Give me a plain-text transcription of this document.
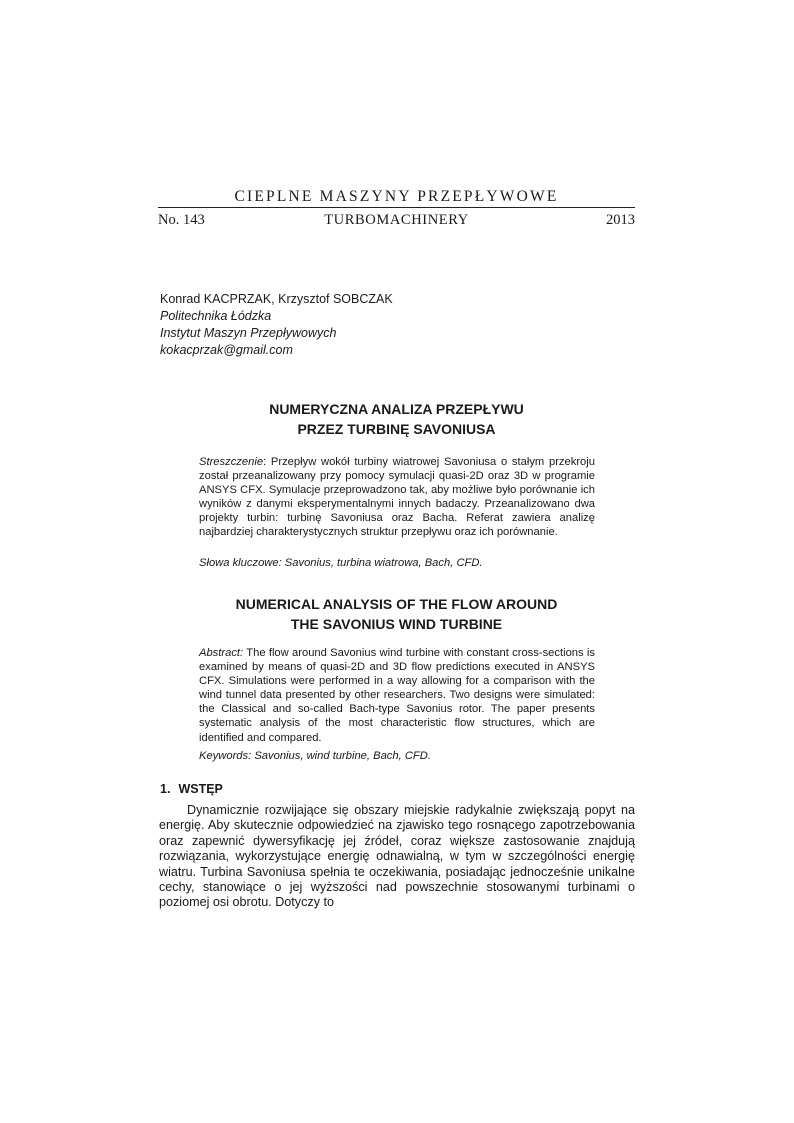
CIEPLNE MASZYNY PRZEPŁYWOWE
No. 143	TURBOMACHINERY	2013
Konrad KACPRZAK, Krzysztof SOBCZAK
Politechnika Łódzka
Instytut Maszyn Przepływowych
kokacprzak@gmail.com
NUMERYCZNA ANALIZA PRZEPŁYWU
PRZEZ TURBINĘ SAVONIUSA
Streszczenie: Przepływ wokół turbiny wiatrowej Savoniusa o stałym przekroju został przeanalizowany przy pomocy symulacji quasi-2D oraz 3D w programie ANSYS CFX. Symulacje przeprowadzono tak, aby możliwe było porównanie ich wyników z danymi eksperymentalnymi innych badaczy. Przeanalizowano dwa projekty turbin: turbinę Savoniusa oraz Bacha. Referat zawiera analizę najbardziej charakterystycznych struktur przepływu oraz ich porównanie.
Słowa kluczowe: Savonius, turbina wiatrowa, Bach, CFD.
NUMERICAL ANALYSIS OF THE FLOW AROUND
THE SAVONIUS WIND TURBINE
Abstract: The flow around Savonius wind turbine with constant cross-sections is examined by means of quasi-2D and 3D flow predictions executed in ANSYS CFX. Simulations were performed in a way allowing for a comparison with the wind tunnel data presented by other researchers. Two designs were simulated: the Classical and so-called Bach-type Savonius rotor. The paper presents systematic analysis of the most characteristic flow structures, which are identified and compared.
Keywords: Savonius, wind turbine, Bach, CFD.
1. WSTĘP
Dynamicznie rozwijające się obszary miejskie radykalnie zwiększają popyt na energię. Aby skutecznie odpowiedzieć na zjawisko tego rosnącego zapotrzebowania oraz zapewnić dywersyfikację jej źródeł, coraz większe zastosowanie znajdują rozwiązania, wykorzystujące energię odnawialną, w tym w szczególności energię wiatru. Turbina Savoniusa spełnia te oczekiwania, posiadając jednocześnie unikalne cechy, stanowiące o jej wyższości nad powszechnie stosowanymi turbinami o poziomej osi obrotu. Dotyczy to
